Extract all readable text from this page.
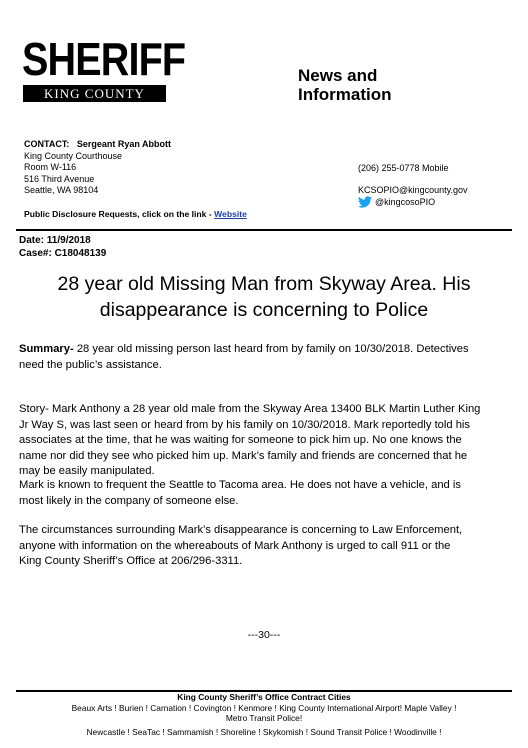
SHERIFF
KING COUNTY
News and
Information
CONTACT: Sergeant Ryan Abbott
King County Courthouse
Room W-116
516 Third Avenue
Seattle, WA 98104
(206) 255-0778 Mobile
KCSOPIO@kingcounty.gov
@kingcosoPIO
Public Disclosure Requests, click on the link - Website
Date: 11/9/2018
Case#: C18048139
28 year old Missing Man from Skyway Area. His
disappearance is concerning to Police
Summary- 28 year old missing person last heard from by family on 10/30/2018. Detectives
need the public’s assistance.
Story- Mark Anthony a 28 year old male from the Skyway Area 13400 BLK Martin Luther King
Jr Way S, was last seen or heard from by his family on 10/30/2018. Mark reportedly told his
associates at the time, that he was waiting for someone to pick him up. No one knows the
name nor did they see who picked him up. Mark’s family and friends are concerned that he
may be easily manipulated.
Mark is known to frequent the Seattle to Tacoma area. He does not have a vehicle, and is
most likely in the company of someone else.
The circumstances surrounding Mark’s disappearance is concerning to Law Enforcement,
anyone with information on the whereabouts of Mark Anthony is urged to call 911 or the
King County Sheriff’s Office at 206/296-3311.
---30---
King County Sheriff’s Office Contract Cities
Beaux Arts ! Burien ! Carnation ! Covington ! Kenmore ! King County International Airport! Maple Valley !
Metro Transit Police!
Newcastle ! SeaTac ! Sammamish ! Shoreline ! Skykomish ! Sound Transit Police ! Woodinville !
